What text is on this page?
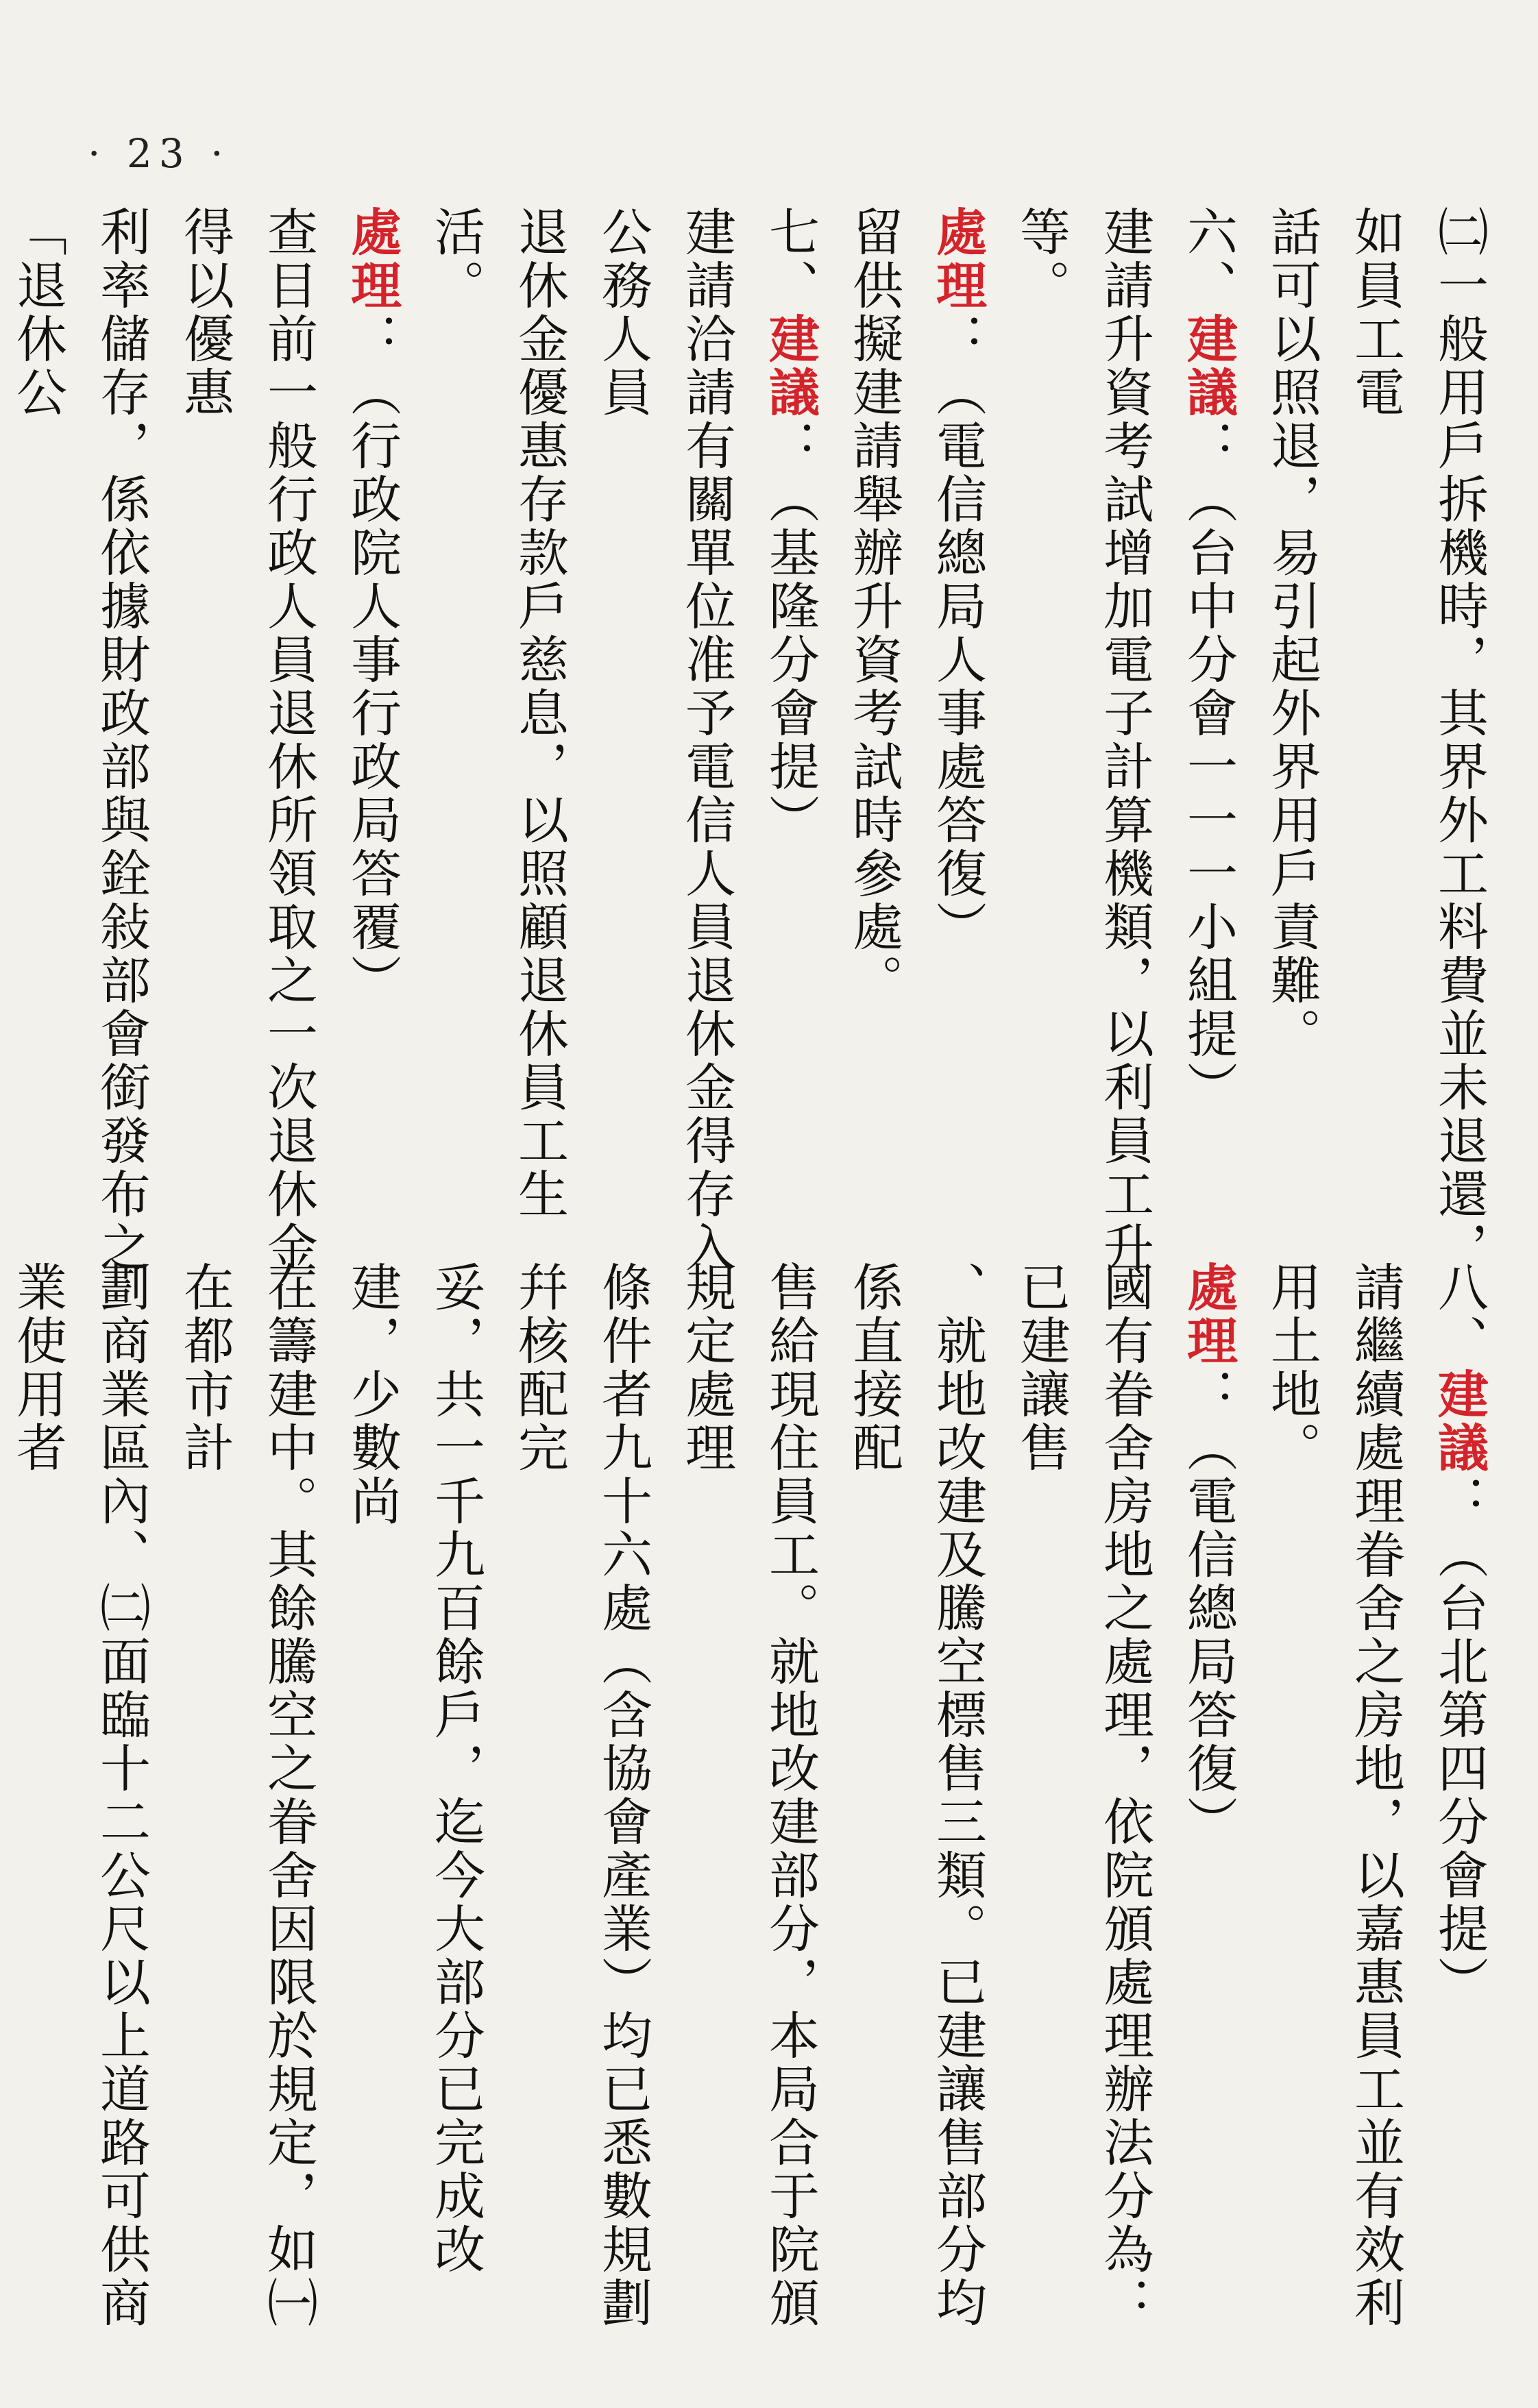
· 23 ·
㈡一般用戶拆機時，其界外工料費並未退還，如員工電
話可以照退，易引起外界用戶責難。
六、建議：（台中分會一一一小組提）
建請升資考試增加電子計算機類，以利員工升等。
處理：（電信總局人事處答復）
留供擬建請舉辦升資考試時參處。
七、建議：（基隆分會提）
建請洽請有關單位准予電信人員退休金得存入公務人員
退休金優惠存款戶慈息，以照顧退休員工生活。
處理：（行政院人事行政局答覆）
查目前一般行政人員退休所領取之一次退休金得以優惠
利率儲存，係依據財政部與銓敍部會銜發布之「退休公
八、建議：（台北第四分會提）
請繼續處理眷舍之房地，以嘉惠員工並有效利用土地。
處理：（電信總局答復）
國有眷舍房地之處理，依院頒處理辦法分為：已建讓售
、就地改建及騰空標售三類。已建讓售部分均係直接配
售給現住員工。就地改建部分，本局合于院頒規定處理
條件者九十六處（含協會產業）均已悉數規劃幷核配完
妥，共一千九百餘戶，迄今大部分已完成改建，少數尚
在籌建中。其餘騰空之眷舍因限於規定，如㈠在都市計
劃商業區內、㈡面臨十二公尺以上道路可供商業使用者
